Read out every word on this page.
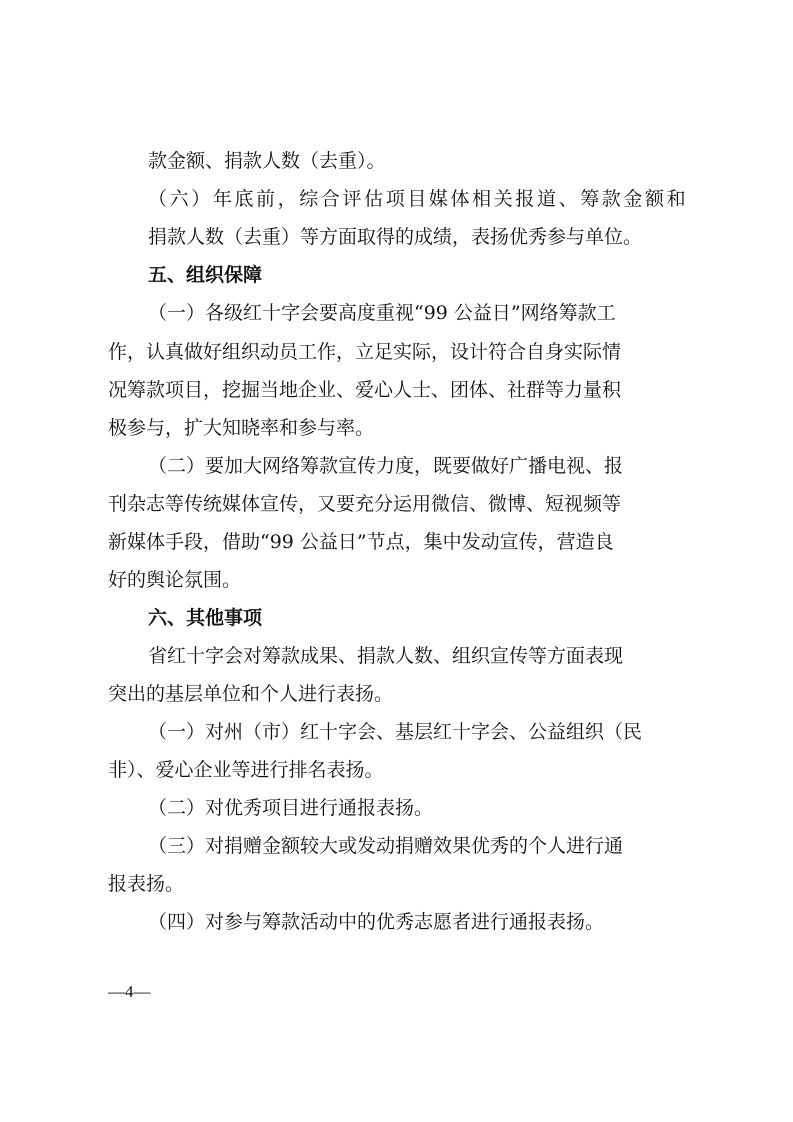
款金额、捐款人数（去重）。
（ 六 ） 年 底 前 ， 综 合 评 估 项 目 媒 体 相 关 报 道 、 筹 款 金 额 和
捐款人数（去重）等方面取得的成绩，表扬优秀参与单位。
五、组织保障
（一）各级红十字会要高度重视“99 公益日”网络筹款工
作，认真做好组织动员工作，立足实际，设计符合自身实际情
况筹款项目，挖掘当地企业、爱心人士、团体、社群等力量积
极参与，扩大知晓率和参与率。
（二）要加大网络筹款宣传力度，既要做好广播电视、报
刊杂志等传统媒体宣传，又要充分运用微信、微博、短视频等
新媒体手段，借助“99 公益日”节点，集中发动宣传，营造良
好的舆论氛围。
六、其他事项
省红十字会对筹款成果、捐款人数、组织宣传等方面表现
突出的基层单位和个人进行表扬。
（一）对州（市）红十字会、基层红十字会、公益组织（民
非）、爱心企业等进行排名表扬。
（二）对优秀项目进行通报表扬。
（三）对捐赠金额较大或发动捐赠效果优秀的个人进行通
报表扬。
（四）对参与筹款活动中的优秀志愿者进行通报表扬。
—4—
